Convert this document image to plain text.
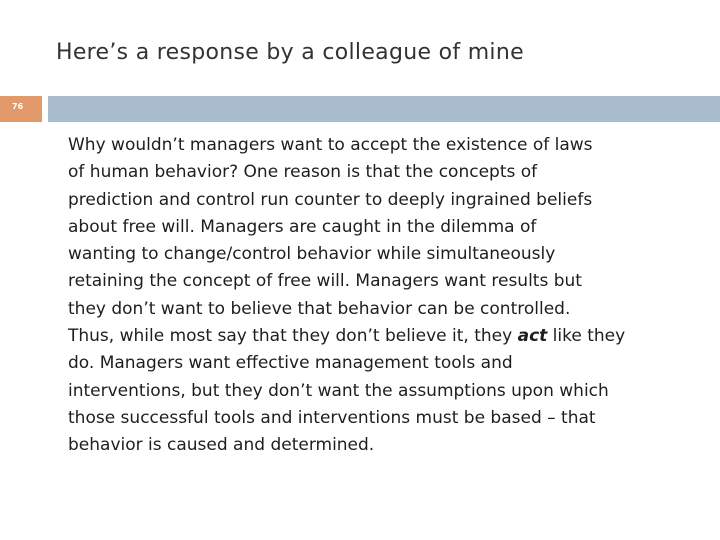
Here’s a response by a colleague of mine
76
Why wouldn’t managers want to accept the existence of laws
of human behavior? One reason is that the concepts of
prediction and control run counter to deeply ingrained beliefs
about free will. Managers are caught in the dilemma of
wanting to change/control behavior while simultaneously
retaining the concept of free will. Managers want results but
they don’t want to believe that behavior can be controlled.
Thus, while most say that they don’t believe it, they act like they
do. Managers want effective management tools and
interventions, but they don’t want the assumptions upon which
those successful tools and interventions must be based – that
behavior is caused and determined.
